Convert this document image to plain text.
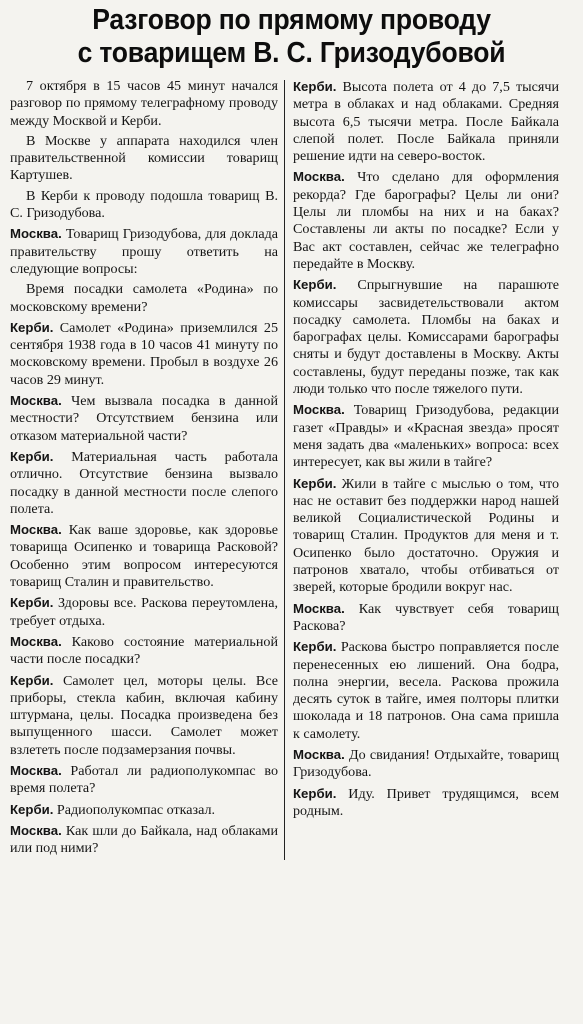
Разговор по прямому проводу
с товарищем В. С. Гризодубовой

7 октября в 15 часов 45 минут начался разговор по прямому телеграфному проводу между Москвой и Керби.

В Москве у аппарата находился член правительственной комиссии товарищ Картушев.

В Керби к проводу подошла товарищ В. С. Гризодубова.

Москва. Товарищ Гризодубова, для доклада правительству прошу ответить на следующие вопросы:

Время посадки самолета «Родина» по московскому времени?

Керби. Самолет «Родина» приземлился 25 сентября 1938 года в 10 часов 41 минуту по московскому времени. Пробыл в воздухе 26 часов 29 минут.

Москва. Чем вызвала посадка в данной местности? Отсутствием бензина или отказом материальной части?

Керби. Материальная часть работала отлично. Отсутствие бензина вызвало посадку в данной местности после слепого полета.

Москва. Как ваше здоровье, как здоровье товарища Осипенко и товарища Расковой? Особенно этим вопросом интересуются товарищ Сталин и правительство.

Керби. Здоровы все. Раскова переутомлена, требует отдыха.

Москва. Каково состояние материальной части после посадки?

Керби. Самолет цел, моторы целы. Все приборы, стекла кабин, включая кабину штурмана, целы. Посадка произведена без выпущенного шасси. Самолет может взлететь после подзамерзания почвы.

Москва. Работал ли радиополукомпас во время полета?

Керби. Радиополукомпас отказал.

Москва. Как шли до Байкала, над облаками или под ними?

Керби. Высота полета от 4 до 7,5 тысячи метра в облаках и над облаками. Средняя высота 6,5 тысячи метра. После Байкала слепой полет. После Байкала приняли решение идти на северо-восток.

Москва. Что сделано для оформления рекорда? Где барографы? Целы ли они? Целы ли пломбы на них и на баках? Составлены ли акты по посадке? Если у Вас акт составлен, сейчас же телеграфно передайте в Москву.

Керби. Спрыгнувшие на парашюте комиссары засвидетельствовали актом посадку самолета. Пломбы на баках и барографах целы. Комиссарами барографы сняты и будут доставлены в Москву. Акты составлены, будут переданы позже, так как люди только что после тяжелого пути.

Москва. Товарищ Гризодубова, редакции газет «Правды» и «Красная звезда» просят меня задать два «маленьких» вопроса: всех интересует, как вы жили в тайге?

Керби. Жили в тайге с мыслью о том, что нас не оставит без поддержки народ нашей великой Социалистической Родины и товарищ Сталин. Продуктов для меня и т. Осипенко было достаточно. Оружия и патронов хватало, чтобы отбиваться от зверей, которые бродили вокруг нас.

Москва. Как чувствует себя товарищ Раскова?

Керби. Раскова быстро поправляется после перенесенных ею лишений. Она бодра, полна энергии, весела. Раскова прожила десять суток в тайге, имея полторы плитки шоколада и 18 патронов. Она сама пришла к самолету.

Москва. До свидания! Отдыхайте, товарищ Гризодубова.

Керби. Иду. Привет трудящимся, всем родным.
